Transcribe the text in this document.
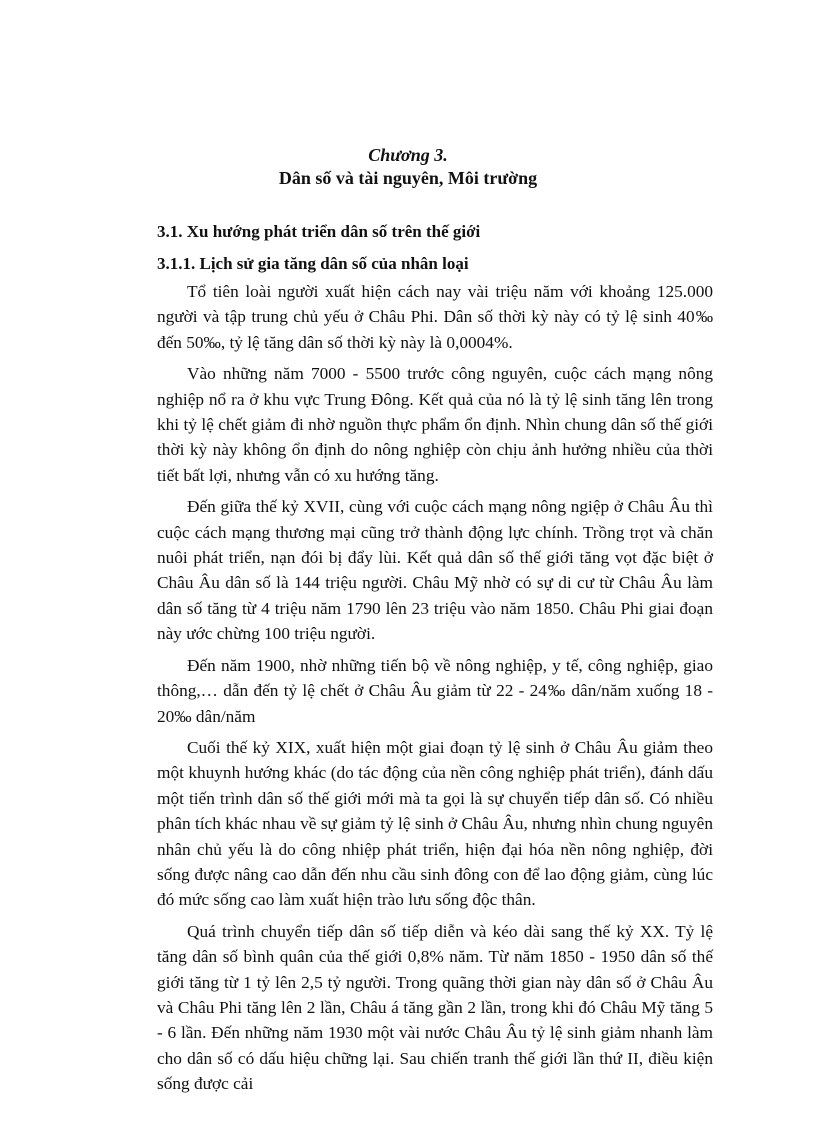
Chương 3.
Dân số và tài nguyên, Môi trường
3.1. Xu hướng phát triển dân số trên thế giới
3.1.1. Lịch sử gia tăng dân số của nhân loại

Tổ tiên loài người xuất hiện cách nay vài triệu năm với khoảng 125.000 người và tập trung chủ yếu ở Châu Phi. Dân số thời kỳ này có tỷ lệ sinh 40‰ đến 50‰, tỷ lệ tăng dân số thời kỳ này là 0,0004%.

Vào những năm 7000 - 5500 trước công nguyên, cuộc cách mạng nông nghiệp nổ ra ở khu vực Trung Đông. Kết quả của nó là tỷ lệ sinh tăng lên trong khi tỷ lệ chết giảm đi nhờ nguồn thực phẩm ổn định. Nhìn chung dân số thế giới thời kỳ này không ổn định do nông nghiệp còn chịu ảnh hưởng nhiều của thời tiết bất lợi, nhưng vẫn có xu hướng tăng.

Đến giữa thế kỷ XVII, cùng với cuộc cách mạng nông ngiệp ở Châu Âu thì cuộc cách mạng thương mại cũng trở thành động lực chính. Trồng trọt và chăn nuôi phát triển, nạn đói bị đẩy lùi. Kết quả dân số thế giới tăng vọt đặc biệt ở Châu Âu dân số là 144 triệu người. Châu Mỹ nhờ có sự di cư từ Châu Âu làm dân số tăng từ 4 triệu năm 1790 lên 23 triệu vào năm 1850. Châu Phi giai đoạn này ước chừng 100 triệu người.

Đến năm 1900, nhờ những tiến bộ về nông nghiệp, y tế, công nghiệp, giao thông,… dẫn đến tỷ lệ chết ở Châu Âu giảm từ 22 - 24‰ dân/năm xuống 18 - 20‰ dân/năm

Cuối thế kỷ XIX, xuất hiện một giai đoạn tỷ lệ sinh ở Châu Âu giảm theo một khuynh hướng khác (do tác động của nền công nghiệp phát triển), đánh dấu một tiến trình dân số thế giới mới mà ta gọi là sự chuyển tiếp dân số. Có nhiều phân tích khác nhau về sự giảm tỷ lệ sinh ở Châu Âu, nhưng nhìn chung nguyên nhân chủ yếu là do công nhiệp phát triển, hiện đại hóa nền nông nghiệp, đời sống được nâng cao dẫn đến nhu cầu sinh đông con để lao động giảm, cùng lúc đó mức sống cao làm xuất hiện trào lưu sống độc thân.

Quá trình chuyển tiếp dân số tiếp diễn và kéo dài sang thế kỷ XX. Tỷ lệ tăng dân số bình quân của thế giới 0,8% năm. Từ năm 1850 - 1950 dân số thế giới tăng từ 1 tỷ lên 2,5 tỷ người. Trong quãng thời gian này dân số ở Châu Âu và Châu Phi tăng lên 2 lần, Châu á tăng gần 2 lần, trong khi đó Châu Mỹ tăng 5 - 6 lần. Đến những năm 1930 một vài nước Châu Âu tỷ lệ sinh giảm nhanh làm cho dân số có dấu hiệu chững lại. Sau chiến tranh thế giới lần thứ II, điều kiện sống được cải
